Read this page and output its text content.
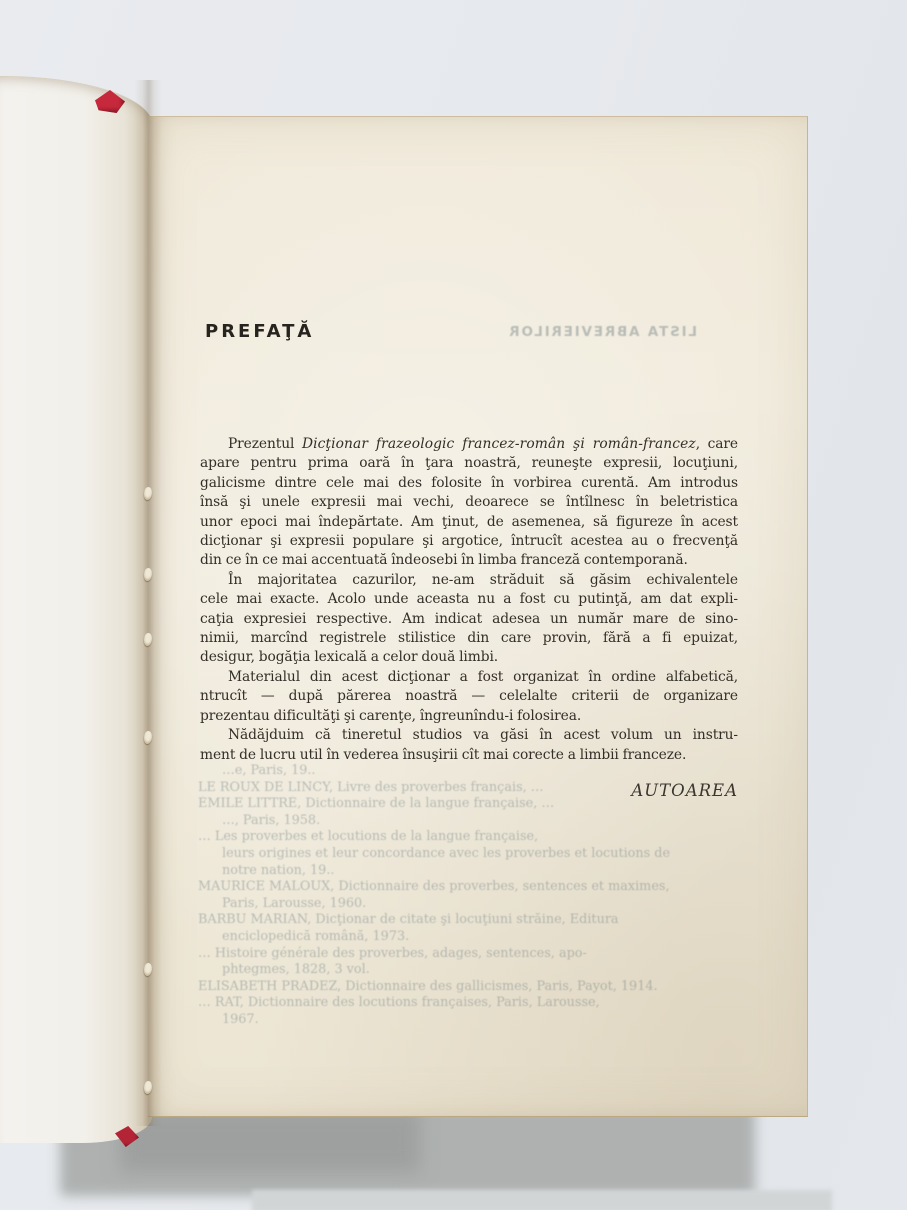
LISTA ABREVIERILOR
PREFAŢĂ
…e, Paris, 19..
LE ROUX DE LINCY, Livre des proverbes français, …
ÉMILE LITTRÉ, Dictionnaire de la langue française, …
…, Paris, 1958.
… Les proverbes et locutions de la langue française,
leurs origines et leur concordance avec les proverbes et locutions de
notre nation, 19..
MAURICE MALOUX, Dictionnaire des proverbes, sentences et maximes,
Paris, Larousse, 1960.
BARBU MARIAN, Dicţionar de citate şi locuţiuni străine, Editura
enciclopedică română, 1973.
… Histoire générale des proverbes, adages, sentences, apo-
phtegmes, 1828, 3 vol.
ELISABETH PRADEZ, Dictionnaire des gallicismes, Paris, Payot, 1914.
… RAT, Dictionnaire des locutions françaises, Paris, Larousse,
1967.
Prezentul Dicţionar frazeologic francez-român şi român-francez, care
apare pentru prima oară în ţara noastră, reuneşte expresii, locuţiuni,
galicisme dintre cele mai des folosite în vorbirea curentă. Am introdus
însă şi unele expresii mai vechi, deoarece se întîlnesc în beletristica
unor epoci mai îndepărtate. Am ţinut, de asemenea, să figureze în acest
dicţionar şi expresii populare şi argotice, întrucît acestea au o frecvenţă
din ce în ce mai accentuată îndeosebi în limba franceză contemporană.
În majoritatea cazurilor, ne-am străduit să găsim echivalentele
cele mai exacte. Acolo unde aceasta nu a fost cu putinţă, am dat expli-
caţia expresiei respective. Am indicat adesea un număr mare de sino-
nimii, marcînd registrele stilistice din care provin, fără a fi epuizat,
desigur, bogăţia lexicală a celor două limbi.
Materialul din acest dicţionar a fost organizat în ordine alfabetică,
ntrucît — după părerea noastră — celelalte criterii de organizare
prezentau dificultăţi şi carenţe, îngreunîndu-i folosirea.
Nădăjduim că tineretul studios va găsi în acest volum un instru-
ment de lucru util în vederea însuşirii cît mai corecte a limbii franceze.
AUTOAREA
